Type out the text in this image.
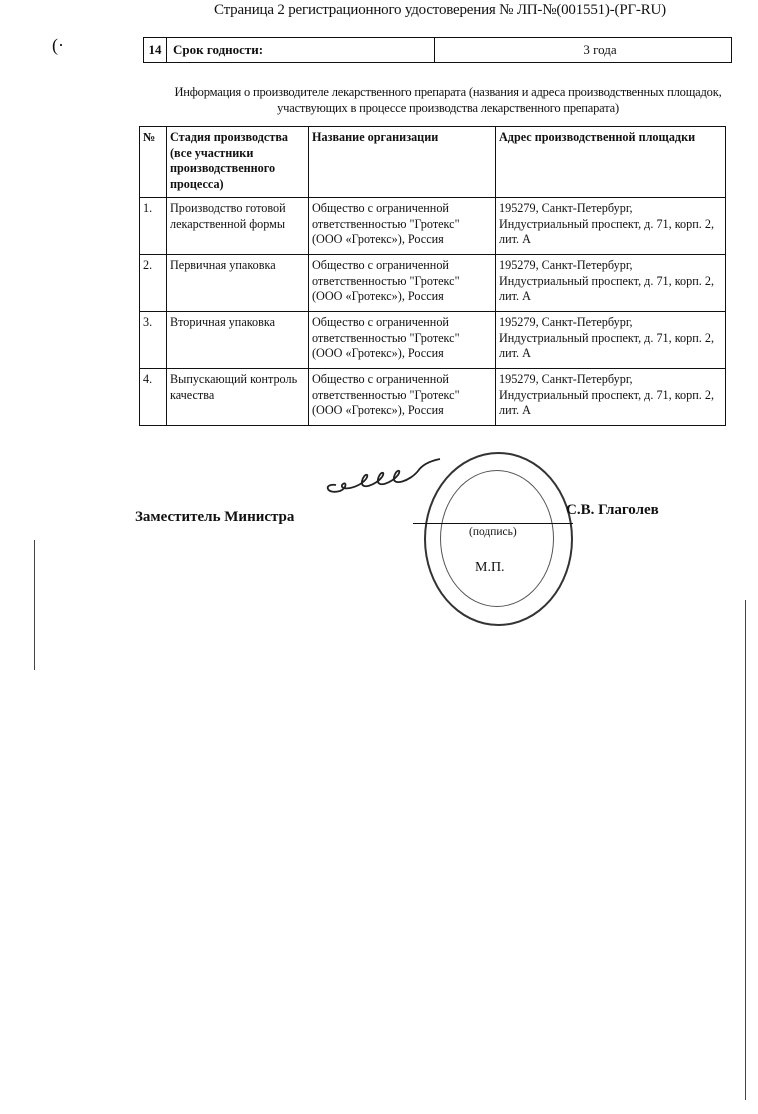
(·
Страница 2 регистрационного удостоверения № ЛП-№(001551)-(РГ-RU)
14	Срок годности:	3 года
Информация о производителе лекарственного препарата (названия и адреса производственных площадок,
участвующих в процессе производства лекарственного препарата)
№	Стадия производства (все участники производственного процесса)	Название организации	Адрес производственной площадки
1.	Производство готовой лекарственной формы	Общество с ограниченной ответственностью "Гротекс" (ООО «Гротекс»), Россия	195279, Санкт-Петербург, Индустриальный проспект, д. 71, корп. 2, лит. А
2.	Первичная упаковка	Общество с ограниченной ответственностью "Гротекс" (ООО «Гротекс»), Россия	195279, Санкт-Петербург, Индустриальный проспект, д. 71, корп. 2, лит. А
3.	Вторичная упаковка	Общество с ограниченной ответственностью "Гротекс" (ООО «Гротекс»), Россия	195279, Санкт-Петербург, Индустриальный проспект, д. 71, корп. 2, лит. А
4.	Выпускающий контроль качества	Общество с ограниченной ответственностью "Гротекс" (ООО «Гротекс»), Россия	195279, Санкт-Петербург, Индустриальный проспект, д. 71, корп. 2, лит. А
Заместитель Министра	С.В. Глаголев
(подпись)
М.П.
